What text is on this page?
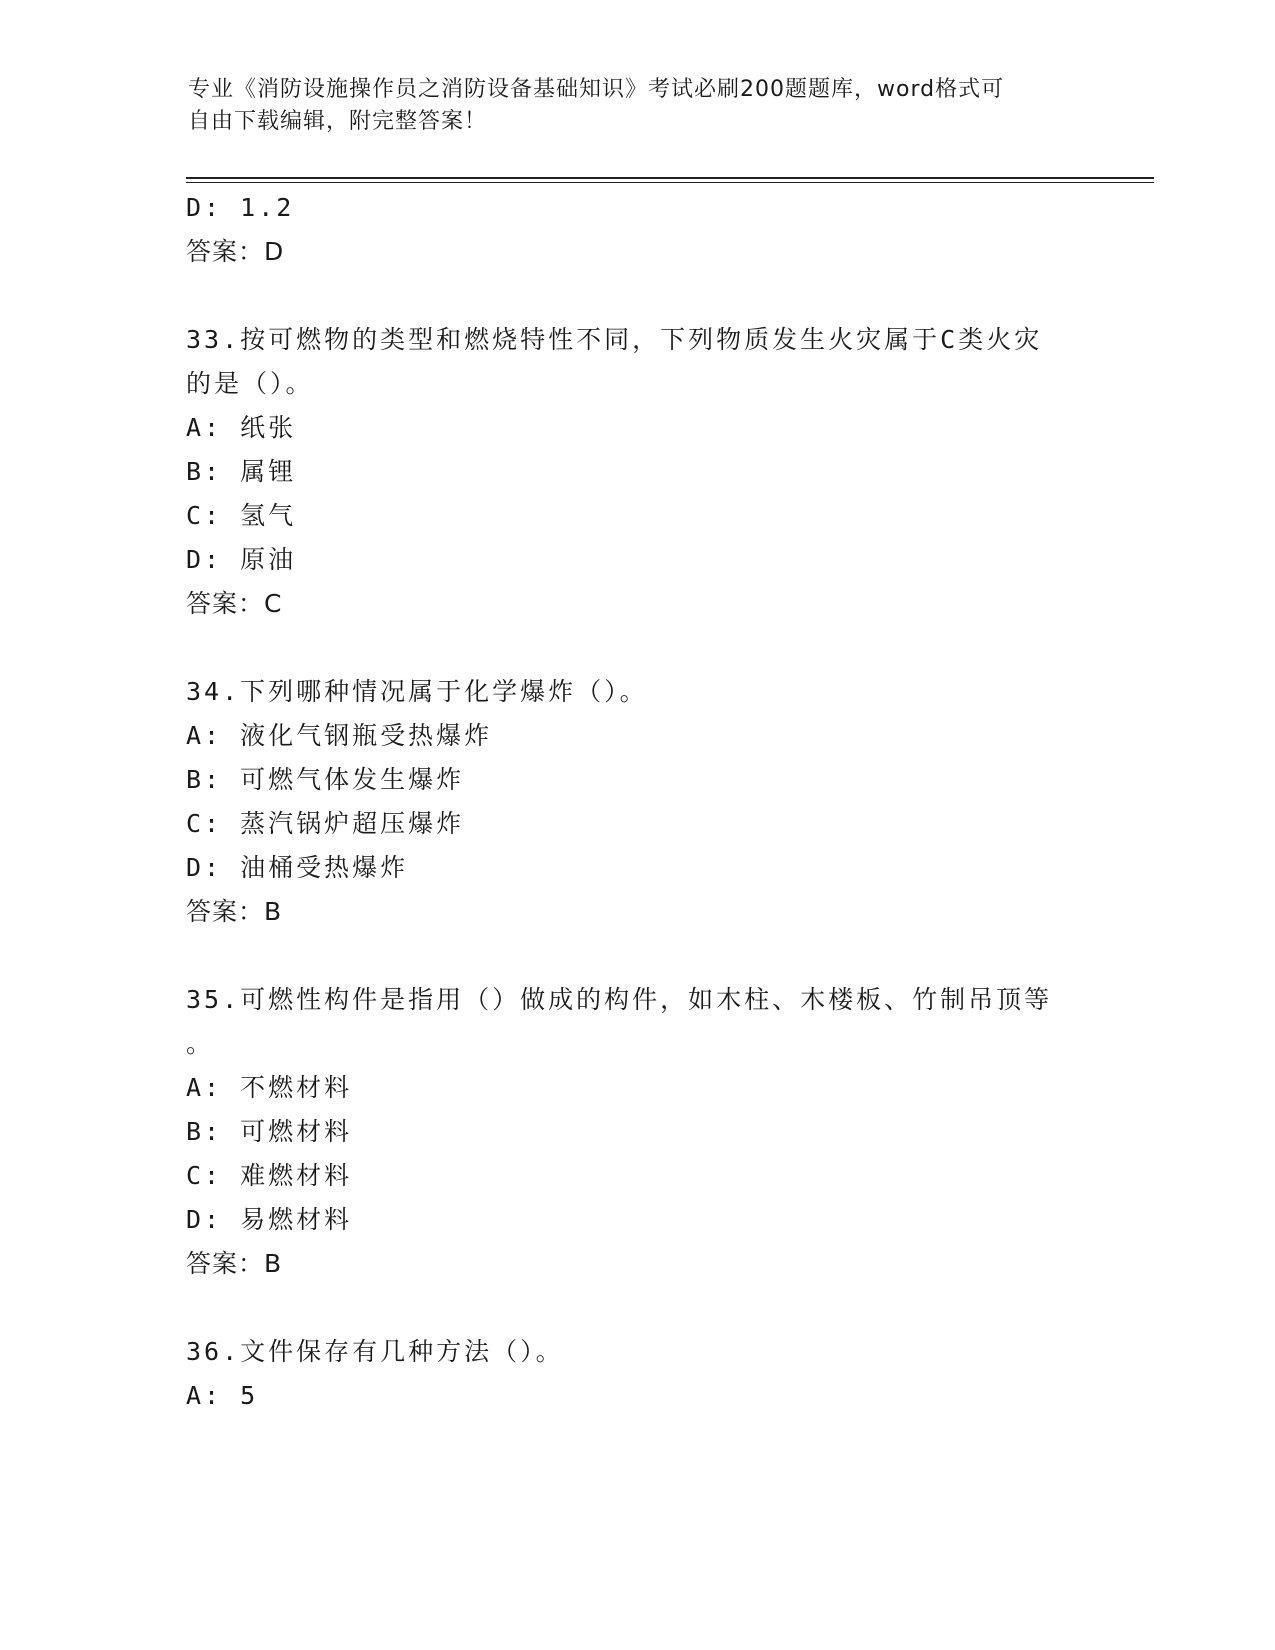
专业《消防设施操作员之消防设备基础知识》考试必刷200题题库，word格式可
自由下载编辑，附完整答案！
D: 1.2
答案：D
33.按可燃物的类型和燃烧特性不同，下列物质发生火灾属于C类火灾
的是（）。
A: 纸张
B: 属锂
C: 氢气
D: 原油
答案：C
34.下列哪种情况属于化学爆炸（）。
A: 液化气钢瓶受热爆炸
B: 可燃气体发生爆炸
C: 蒸汽锅炉超压爆炸
D: 油桶受热爆炸
答案：B
35.可燃性构件是指用（）做成的构件，如木柱、木楼板、竹制吊顶等
。
A: 不燃材料
B: 可燃材料
C: 难燃材料
D: 易燃材料
答案：B
36.文件保存有几种方法（）。
A: 5
